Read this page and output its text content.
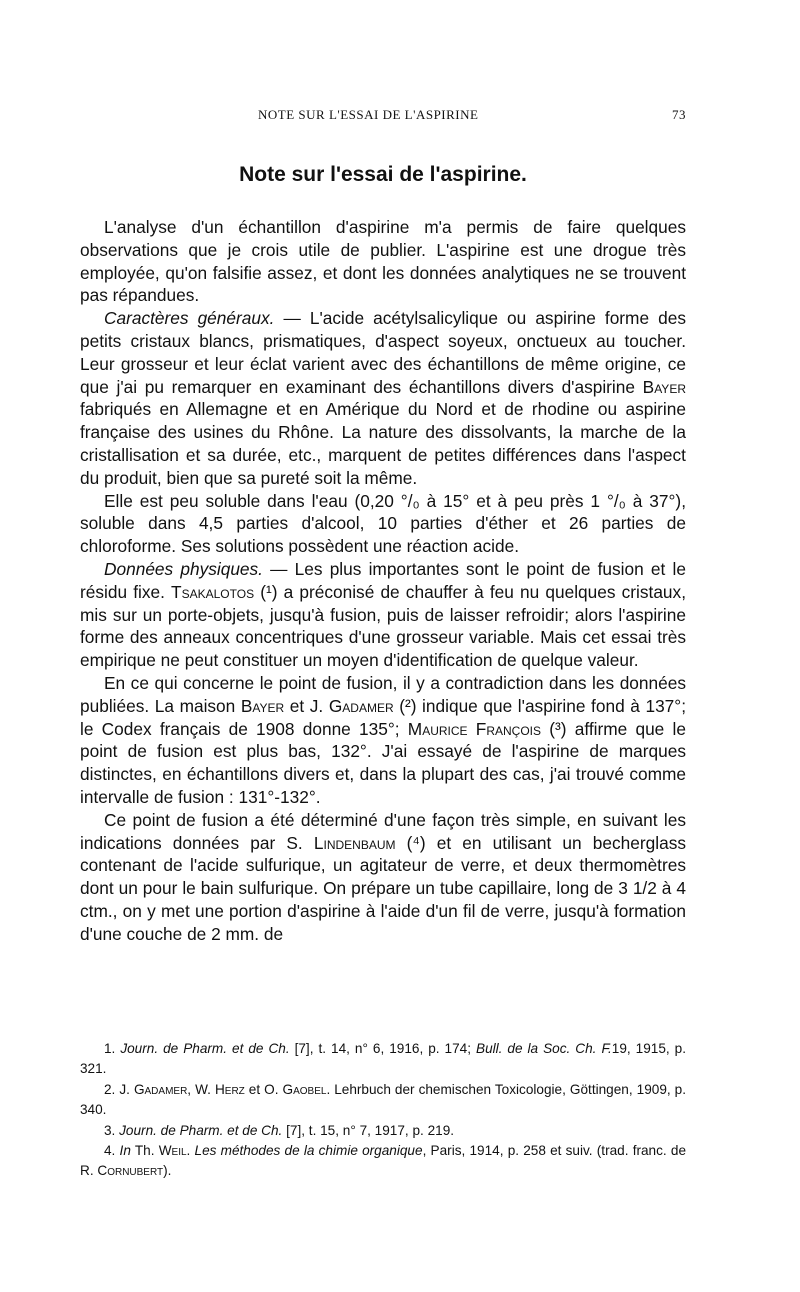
NOTE SUR L'ESSAI DE L'ASPIRINE	73
Note sur l'essai de l'aspirine.

L'analyse d'un échantillon d'aspirine m'a permis de faire quelques observations que je crois utile de publier. L'aspirine est une drogue très employée, qu'on falsifie assez, et dont les données analytiques ne se trouvent pas répandues.

Caractères généraux. — L'acide acétylsalicylique ou aspirine forme des petits cristaux blancs, prismatiques, d'aspect soyeux, onctueux au toucher. Leur grosseur et leur éclat varient avec des échantillons de même origine, ce que j'ai pu remarquer en examinant des échantillons divers d'aspirine Bayer fabriqués en Allemagne et en Amérique du Nord et de rhodine ou aspirine française des usines du Rhône. La nature des dissolvants, la marche de la cristallisation et sa durée, etc., marquent de petites différences dans l'aspect du produit, bien que sa pureté soit la même.

Elle est peu soluble dans l'eau (0,20 °/₀ à 15° et à peu près 1 °/₀ à 37°), soluble dans 4,5 parties d'alcool, 10 parties d'éther et 26 parties de chloroforme. Ses solutions possèdent une réaction acide.

Données physiques. — Les plus importantes sont le point de fusion et le résidu fixe. Tsakalotos (¹) a préconisé de chauffer à feu nu quelques cristaux, mis sur un porte-objets, jusqu'à fusion, puis de laisser refroidir; alors l'aspirine forme des anneaux concentriques d'une grosseur variable. Mais cet essai très empirique ne peut constituer un moyen d'identification de quelque valeur.

En ce qui concerne le point de fusion, il y a contradiction dans les données publiées. La maison Bayer et J. Gadamer (²) indique que l'aspirine fond à 137°; le Codex français de 1908 donne 135°; Maurice François (³) affirme que le point de fusion est plus bas, 132°. J'ai essayé de l'aspirine de marques distinctes, en échantillons divers et, dans la plupart des cas, j'ai trouvé comme intervalle de fusion : 131°-132°.

Ce point de fusion a été déterminé d'une façon très simple, en suivant les indications données par S. Lindenbaum (⁴) et en utilisant un becherglass contenant de l'acide sulfurique, un agitateur de verre, et deux thermomètres dont un pour le bain sulfurique. On prépare un tube capillaire, long de 3 1/2 à 4 ctm., on y met une portion d'aspirine à l'aide d'un fil de verre, jusqu'à formation d'une couche de 2 mm. de

1. Journ. de Pharm. et de Ch. [7], t. 14, n° 6, 1916, p. 174; Bull. de la Soc. Ch. F.19, 1915, p. 321.

2. J. Gadamer, W. Herz et O. Gaobel. Lehrbuch der chemischen Toxicologie, Göttingen, 1909, p. 340.

3. Journ. de Pharm. et de Ch. [7], t. 15, n° 7, 1917, p. 219.

4. In Th. Weil. Les méthodes de la chimie organique, Paris, 1914, p. 258 et suiv. (trad. franc. de R. Cornubert).
